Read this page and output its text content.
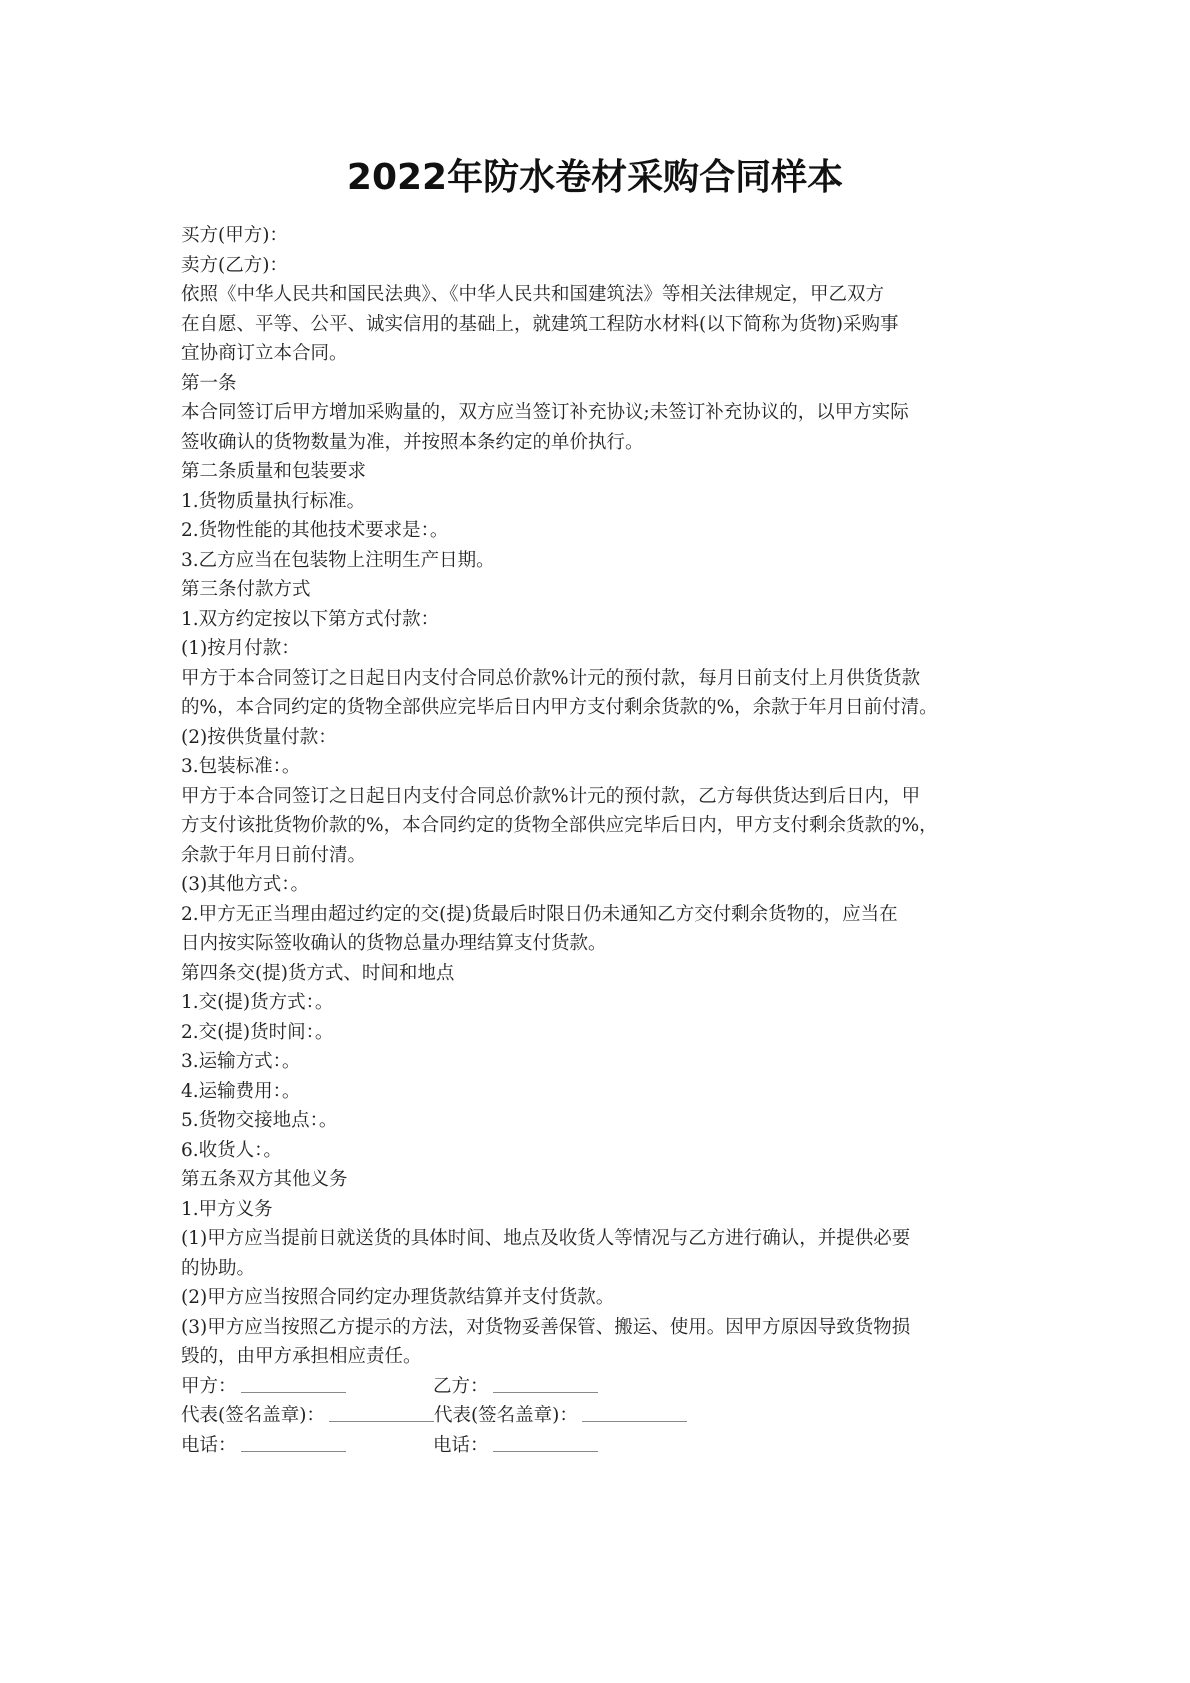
2022年防水卷材采购合同样本
买方(甲方)：
卖方(乙方)：
依照《中华人民共和国民法典》、《中华人民共和国建筑法》等相关法律规定，甲乙双方
在自愿、平等、公平、诚实信用的基础上，就建筑工程防水材料(以下简称为货物)采购事
宜协商订立本合同。
第一条
本合同签订后甲方增加采购量的，双方应当签订补充协议;未签订补充协议的，以甲方实际
签收确认的货物数量为准，并按照本条约定的单价执行。
第二条质量和包装要求
1.货物质量执行标准。
2.货物性能的其他技术要求是：。
3.乙方应当在包装物上注明生产日期。
第三条付款方式
1.双方约定按以下第方式付款：
(1)按月付款：
甲方于本合同签订之日起日内支付合同总价款%计元的预付款，每月日前支付上月供货货款
的%，本合同约定的货物全部供应完毕后日内甲方支付剩余货款的%，余款于年月日前付清。
(2)按供货量付款：
3.包装标准：。
甲方于本合同签订之日起日内支付合同总价款%计元的预付款，乙方每供货达到后日内，甲
方支付该批货物价款的%，本合同约定的货物全部供应完毕后日内，甲方支付剩余货款的%，
余款于年月日前付清。
(3)其他方式：。
2.甲方无正当理由超过约定的交(提)货最后时限日仍未通知乙方交付剩余货物的，应当在
日内按实际签收确认的货物总量办理结算支付货款。
第四条交(提)货方式、时间和地点
1.交(提)货方式：。
2.交(提)货时间：。
3.运输方式：。
4.运输费用：。
5.货物交接地点：。
6.收货人：。
第五条双方其他义务
1.甲方义务
(1)甲方应当提前日就送货的具体时间、地点及收货人等情况与乙方进行确认，并提供必要
的协助。
(2)甲方应当按照合同约定办理货款结算并支付货款。
(3)甲方应当按照乙方提示的方法，对货物妥善保管、搬运、使用。因甲方原因导致货物损
毁的，由甲方承担相应责任。
甲方：	乙方：
代表(签名盖章)：	代表(签名盖章)：
电话：	电话：
